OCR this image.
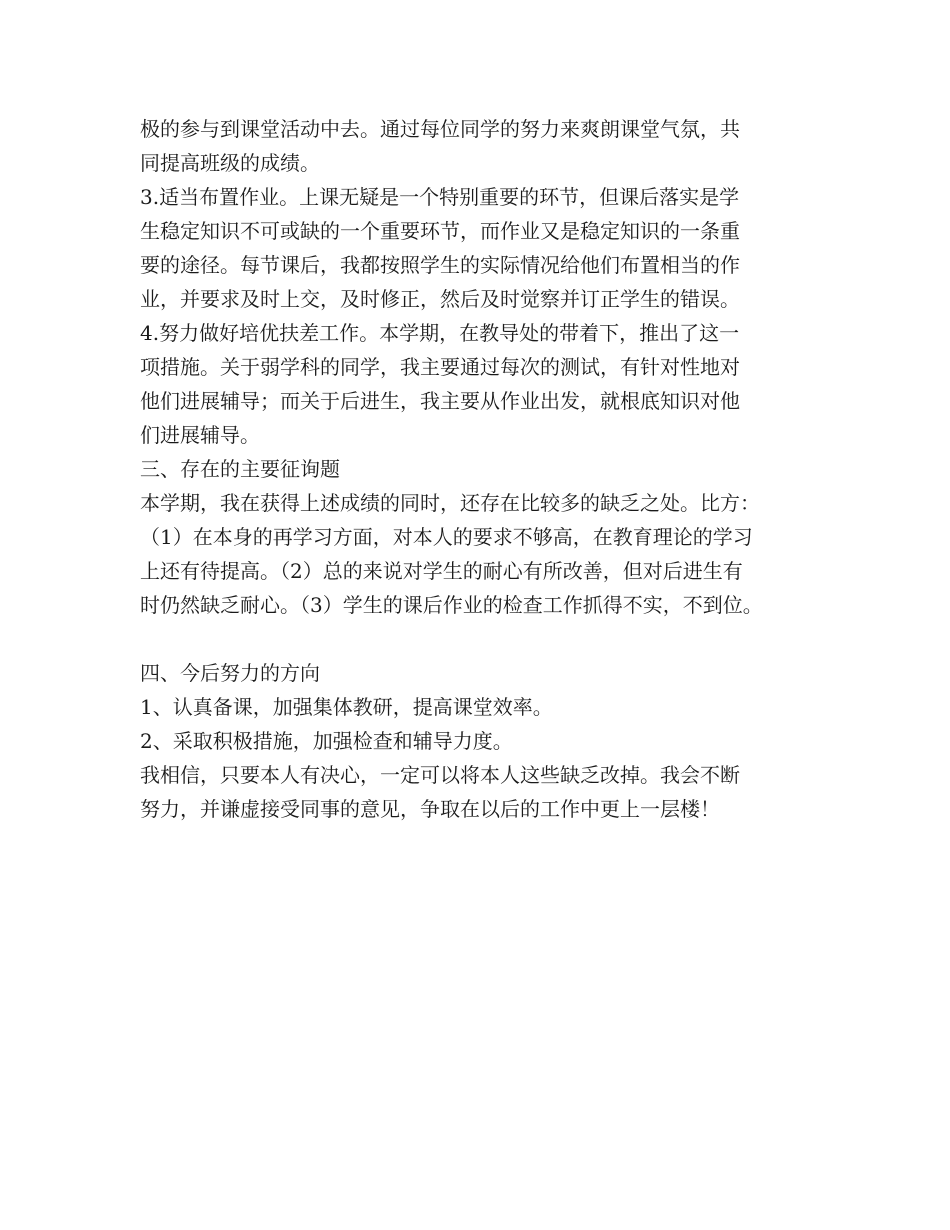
极的参与到课堂活动中去。通过每位同学的努力来爽朗课堂气氛，共
同提高班级的成绩。
3.适当布置作业。上课无疑是一个特别重要的环节，但课后落实是学
生稳定知识不可或缺的一个重要环节，而作业又是稳定知识的一条重
要的途径。每节课后，我都按照学生的实际情况给他们布置相当的作
业，并要求及时上交，及时修正，然后及时觉察并订正学生的错误。
4.努力做好培优扶差工作。本学期，在教导处的带着下，推出了这一
项措施。关于弱学科的同学，我主要通过每次的测试，有针对性地对
他们进展辅导；而关于后进生，我主要从作业出发，就根底知识对他
们进展辅导。
三、存在的主要征询题
本学期，我在获得上述成绩的同时，还存在比较多的缺乏之处。比方：
（1）在本身的再学习方面，对本人的要求不够高，在教育理论的学习
上还有待提高。（2）总的来说对学生的耐心有所改善，但对后进生有
时仍然缺乏耐心。（3）学生的课后作业的检查工作抓得不实，不到位。
四、今后努力的方向
1、认真备课，加强集体教研，提高课堂效率。
2、采取积极措施，加强检查和辅导力度。
我相信，只要本人有决心，一定可以将本人这些缺乏改掉。我会不断
努力，并谦虚接受同事的意见，争取在以后的工作中更上一层楼！
